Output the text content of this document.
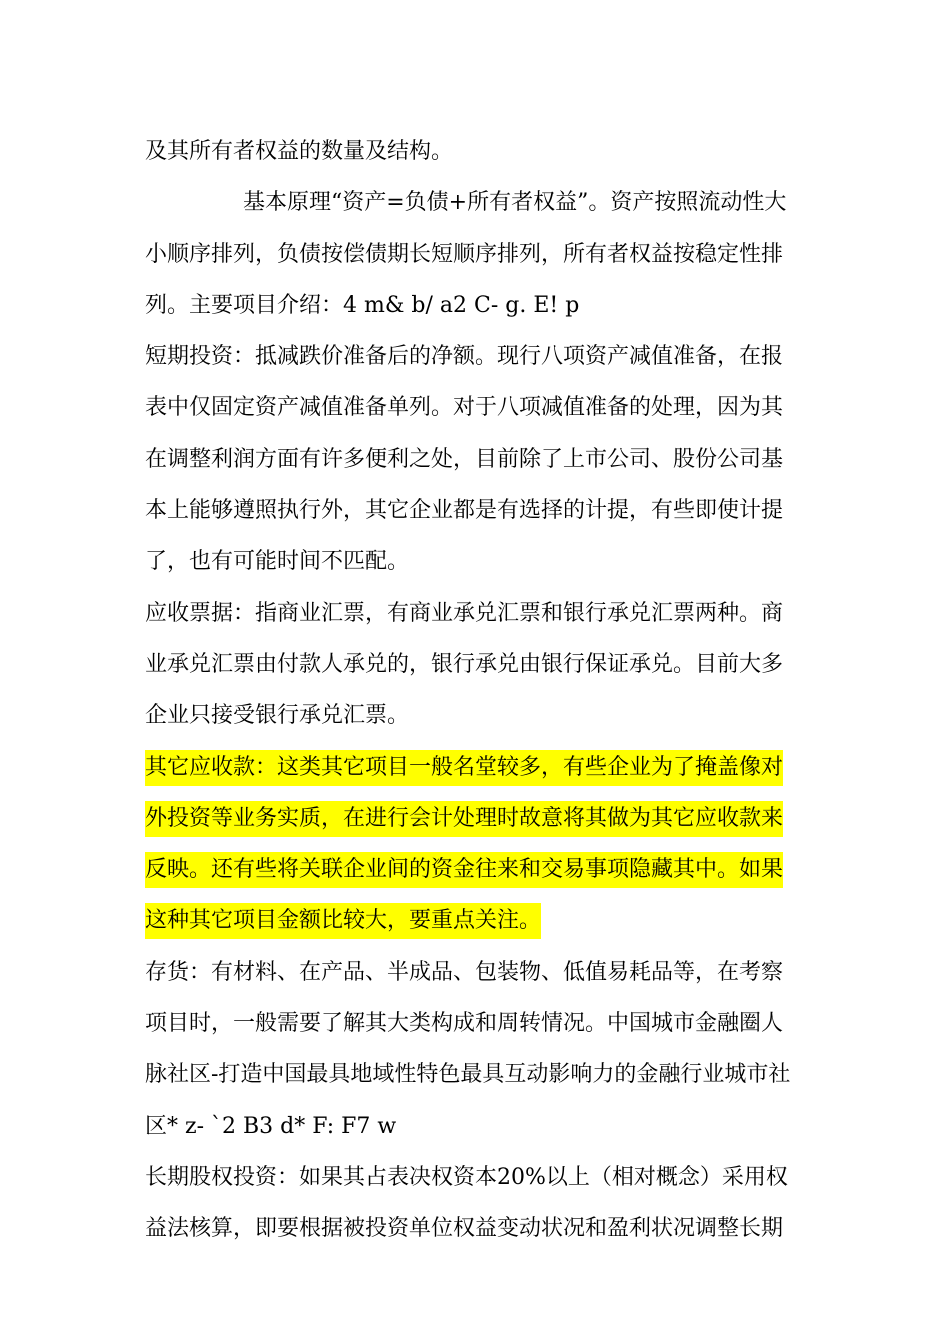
及其所有者权益的数量及结构。
基本原理“资产=负债+所有者权益”。资产按照流动性大
小顺序排列，负债按偿债期长短顺序排列，所有者权益按稳定性排
列。主要项目介绍：4 m& b/ a2 C- g. E! p
短期投资：抵减跌价准备后的净额。现行八项资产减值准备，在报
表中仅固定资产减值准备单列。对于八项减值准备的处理，因为其
在调整利润方面有许多便利之处，目前除了上市公司、股份公司基
本上能够遵照执行外，其它企业都是有选择的计提，有些即使计提
了，也有可能时间不匹配。
应收票据：指商业汇票，有商业承兑汇票和银行承兑汇票两种。商
业承兑汇票由付款人承兑的，银行承兑由银行保证承兑。目前大多
企业只接受银行承兑汇票。
其它应收款：这类其它项目一般名堂较多，有些企业为了掩盖像对
外投资等业务实质，在进行会计处理时故意将其做为其它应收款来
反映。还有些将关联企业间的资金往来和交易事项隐藏其中。如果
这种其它项目金额比较大，要重点关注。
存货：有材料、在产品、半成品、包装物、低值易耗品等，在考察
项目时，一般需要了解其大类构成和周转情况。中国城市金融圈人
脉社区-打造中国最具地域性特色最具互动影响力的金融行业城市社
区* z- `2 B3 d* F: F7 w
长期股权投资：如果其占表决权资本20%以上（相对概念）采用权
益法核算，即要根据被投资单位权益变动状况和盈利状况调整长期
